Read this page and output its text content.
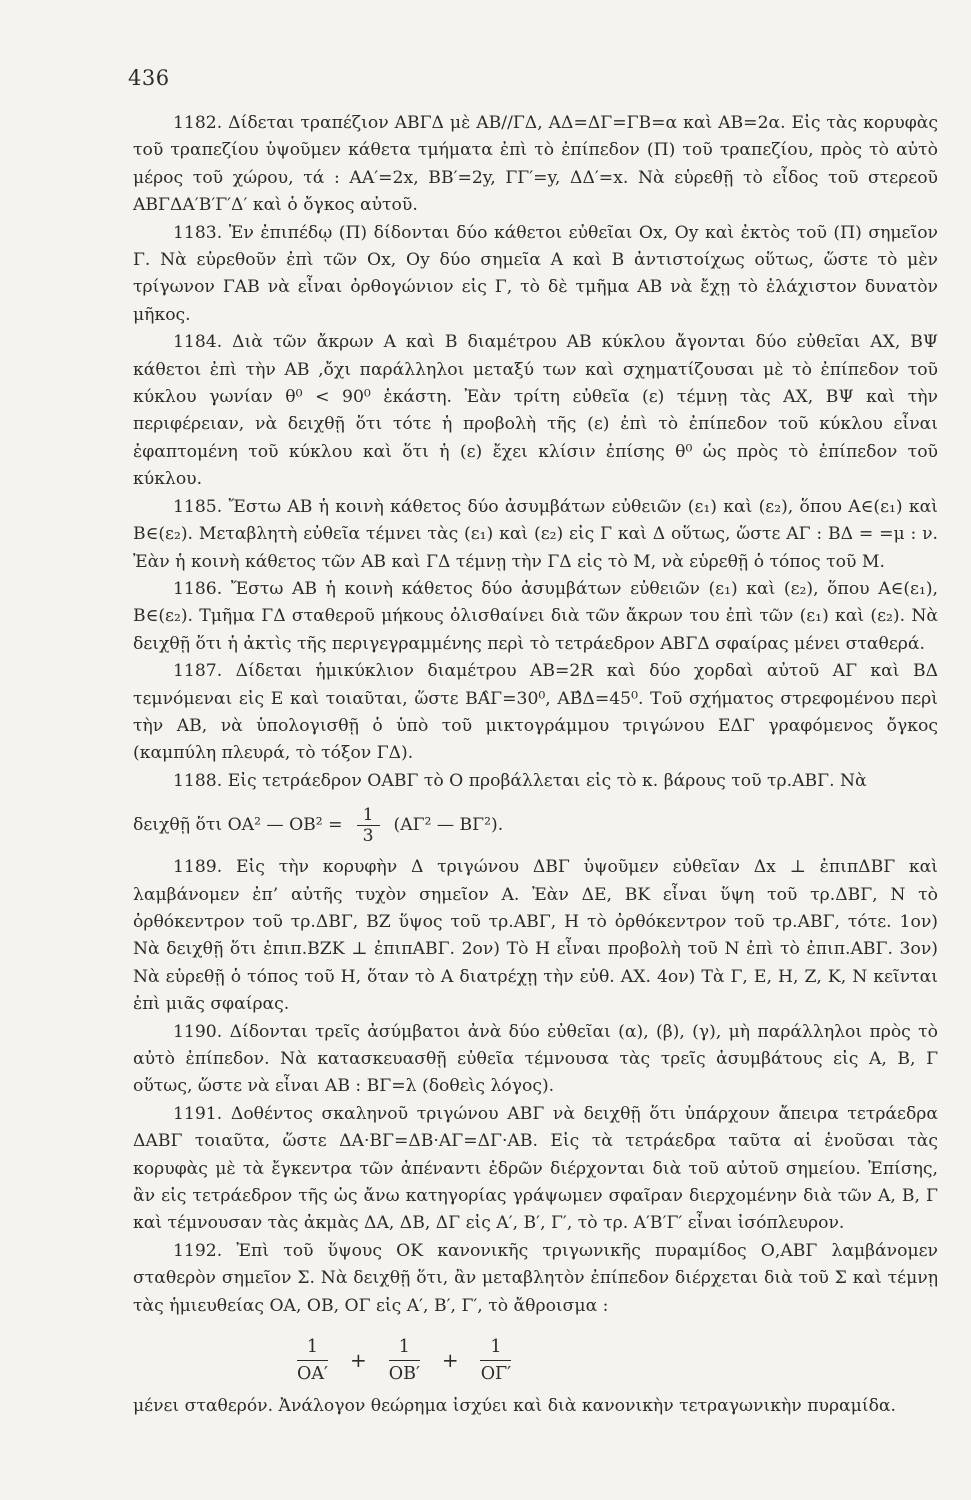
436

1182. Δίδεται τραπέζιον ΑΒΓΔ μὲ ΑΒ//ΓΔ, ΑΔ=ΔΓ=ΓΒ=α καὶ ΑΒ=2α. Εἰς τὰς κορυφὰς τοῦ τραπεζίου ὑψοῦμεν κάθετα τμήματα ἐπὶ τὸ ἐπίπεδον (Π) τοῦ τραπεζίου, πρὸς τὸ αὐτὸ μέρος τοῦ χώρου, τά : ΑΑ′=2x, ΒΒ′=2y, ΓΓ′=y, ΔΔ′=x. Νὰ εὑρεθῇ τὸ εἶδος τοῦ στερεοῦ ΑΒΓΔΑ′Β′Γ′Δ′ καὶ ὁ ὄγκος αὐτοῦ.

1183. Ἐν ἐπιπέδῳ (Π) δίδονται δύο κάθετοι εὐθεῖαι Οx, Oy καὶ ἐκτὸς τοῦ (Π) σημεῖον Γ. Νὰ εὑρεθοῦν ἐπὶ τῶν Οx, Oy δύο σημεῖα Α καὶ Β ἀντιστοίχως οὕτως, ὥστε τὸ μὲν τρίγωνον ΓΑΒ νὰ εἶναι ὀρθογώνιον εἰς Γ, τὸ δὲ τμῆμα ΑΒ νὰ ἔχῃ τὸ ἐλάχιστον δυνατὸν μῆκος.

1184. Διὰ τῶν ἄκρων Α καὶ Β διαμέτρου ΑΒ κύκλου ἄγονται δύο εὐθεῖαι ΑΧ, ΒΨ κάθετοι ἐπὶ τὴν ΑΒ ,ὄχι παράλληλοι μεταξύ των καὶ σχηματίζουσαι μὲ τὸ ἐπίπεδον τοῦ κύκλου γωνίαν θ⁰ < 90⁰ ἑκάστη. Ἐὰν τρίτη εὐθεῖα (ε) τέμνῃ τὰς ΑΧ, ΒΨ καὶ τὴν περιφέρειαν, νὰ δειχθῇ ὅτι τότε ἡ προβολὴ τῆς (ε) ἐπὶ τὸ ἐπίπεδον τοῦ κύκλου εἶναι ἐφαπτομένη τοῦ κύκλου καὶ ὅτι ἡ (ε) ἔχει κλίσιν ἐπίσης θ⁰ ὡς πρὸς τὸ ἐπίπεδον τοῦ κύκλου.

1185. Ἔστω ΑΒ ἡ κοινὴ κάθετος δύο ἀσυμβάτων εὐθειῶν (ε₁) καὶ (ε₂), ὅπου Α∈(ε₁) καὶ Β∈(ε₂). Μεταβλητὴ εὐθεῖα τέμνει τὰς (ε₁) καὶ (ε₂) εἰς Γ καὶ Δ οὕτως, ὥστε ΑΓ : ΒΔ = =μ : ν. Ἐὰν ἡ κοινὴ κάθετος τῶν ΑΒ καὶ ΓΔ τέμνῃ τὴν ΓΔ εἰς τὸ Μ, νὰ εὑρεθῇ ὁ τόπος τοῦ Μ.

1186. Ἔστω ΑΒ ἡ κοινὴ κάθετος δύο ἀσυμβάτων εὐθειῶν (ε₁) καὶ (ε₂), ὅπου Α∈(ε₁), Β∈(ε₂). Τμῆμα ΓΔ σταθεροῦ μήκους ὀλισθαίνει διὰ τῶν ἄκρων του ἐπὶ τῶν (ε₁) καὶ (ε₂). Νὰ δειχθῇ ὅτι ἡ ἀκτὶς τῆς περιγεγραμμένης περὶ τὸ τετράεδρον ΑΒΓΔ σφαίρας μένει σταθερά.

1187. Δίδεται ἡμικύκλιον διαμέτρου ΑΒ=2R καὶ δύο χορδαὶ αὐτοῦ ΑΓ καὶ ΒΔ τεμνόμεναι εἰς Ε καὶ τοιαῦται, ὥστε ΒΑ̂Γ=30⁰, ΑΒ̂Δ=45⁰. Τοῦ σχήματος στρεφομένου περὶ τὴν ΑΒ, νὰ ὑπολογισθῇ ὁ ὑπὸ τοῦ μικτογράμμου τριγώνου ΕΔΓ γραφόμενος ὄγκος (καμπύλη πλευρά, τὸ τόξον ΓΔ).

1188. Εἰς τετράεδρον ΟΑΒΓ τὸ Ο προβάλλεται εἰς τὸ κ. βάρους τοῦ τρ.ΑΒΓ. Νὰ

δειχθῇ ὅτι ΟΑ² — $OB^2 = \frac{1}{3} (A\Gamma^2$ — ΒΓ²).

1189. Εἰς τὴν κορυφὴν Δ τριγώνου ΔΒΓ ὑψοῦμεν εὐθεῖαν Δx ⊥ ἐπιπΔΒΓ καὶ λαμβάνομεν ἐπ’ αὐτῆς τυχὸν σημεῖον Α. Ἐὰν ΔΕ, ΒΚ εἶναι ὕψη τοῦ τρ.ΔΒΓ, Ν τὸ ὀρθόκεντρον τοῦ τρ.ΔΒΓ, ΒΖ ὕψος τοῦ τρ.ΑΒΓ, Η τὸ ὀρθόκεντρον τοῦ τρ.ΑΒΓ, τότε. 1ον) Νὰ δειχθῇ ὅτι ἐπιπ.ΒΖΚ ⊥ ἐπιπΑΒΓ. 2ον) Τὸ Η εἶναι προβολὴ τοῦ Ν ἐπὶ τὸ ἐπιπ.ΑΒΓ. 3ον) Νὰ εὑρεθῇ ὁ τόπος τοῦ Η, ὅταν τὸ Α διατρέχῃ τὴν εὐθ. ΑΧ. 4ον) Τὰ Γ, Ε, Η, Ζ, Κ, Ν κεῖνται ἐπὶ μιᾶς σφαίρας.

1190. Δίδονται τρεῖς ἀσύμβατοι ἀνὰ δύο εὐθεῖαι (α), (β), (γ), μὴ παράλληλοι πρὸς τὸ αὐτὸ ἐπίπεδον. Νὰ κατασκευασθῇ εὐθεῖα τέμνουσα τὰς τρεῖς ἀσυμβάτους εἰς Α, Β, Γ οὕτως, ὥστε νὰ εἶναι ΑΒ : ΒΓ=λ (δοθεὶς λόγος).

1191. Δοθέντος σκαληνοῦ τριγώνου ΑΒΓ νὰ δειχθῇ ὅτι ὑπάρχουν ἄπειρα τετράεδρα ΔΑΒΓ τοιαῦτα, ὥστε ΔΑ·ΒΓ=ΔΒ·ΑΓ=ΔΓ·ΑΒ. Εἰς τὰ τετράεδρα ταῦτα αἱ ἑνοῦσαι τὰς κορυφὰς μὲ τὰ ἔγκεντρα τῶν ἀπέναντι ἑδρῶν διέρχονται διὰ τοῦ αὐτοῦ σημείου. Ἐπίσης, ἂν εἰς τετράεδρον τῆς ὡς ἄνω κατηγορίας γράψωμεν σφαῖραν διερχομένην διὰ τῶν Α, Β, Γ καὶ τέμνουσαν τὰς ἀκμὰς ΔΑ, ΔΒ, ΔΓ εἰς Α′, Β′, Γ′, τὸ τρ. Α′Β′Γ′ εἶναι ἰσόπλευρον.

1192. Ἐπὶ τοῦ ὕψους ΟΚ κανονικῆς τριγωνικῆς πυραμίδος Ο,ΑΒΓ λαμβάνομεν σταθερὸν σημεῖον Σ. Νὰ δειχθῇ ὅτι, ἂν μεταβλητὸν ἐπίπεδον διέρχεται διὰ τοῦ Σ καὶ τέμνῃ τὰς ἡμιευθείας ΟΑ, ΟΒ, ΟΓ εἰς Α′, Β′, Γ′, τὸ ἄθροισμα :

$\frac{1}{OA'} + \frac{1}{OB'} + \frac{1}{O\Gamma'}$

μένει σταθερόν. Ἀνάλογον θεώρημα ἰσχύει καὶ διὰ κανονικὴν τετραγωνικὴν πυραμίδα.
